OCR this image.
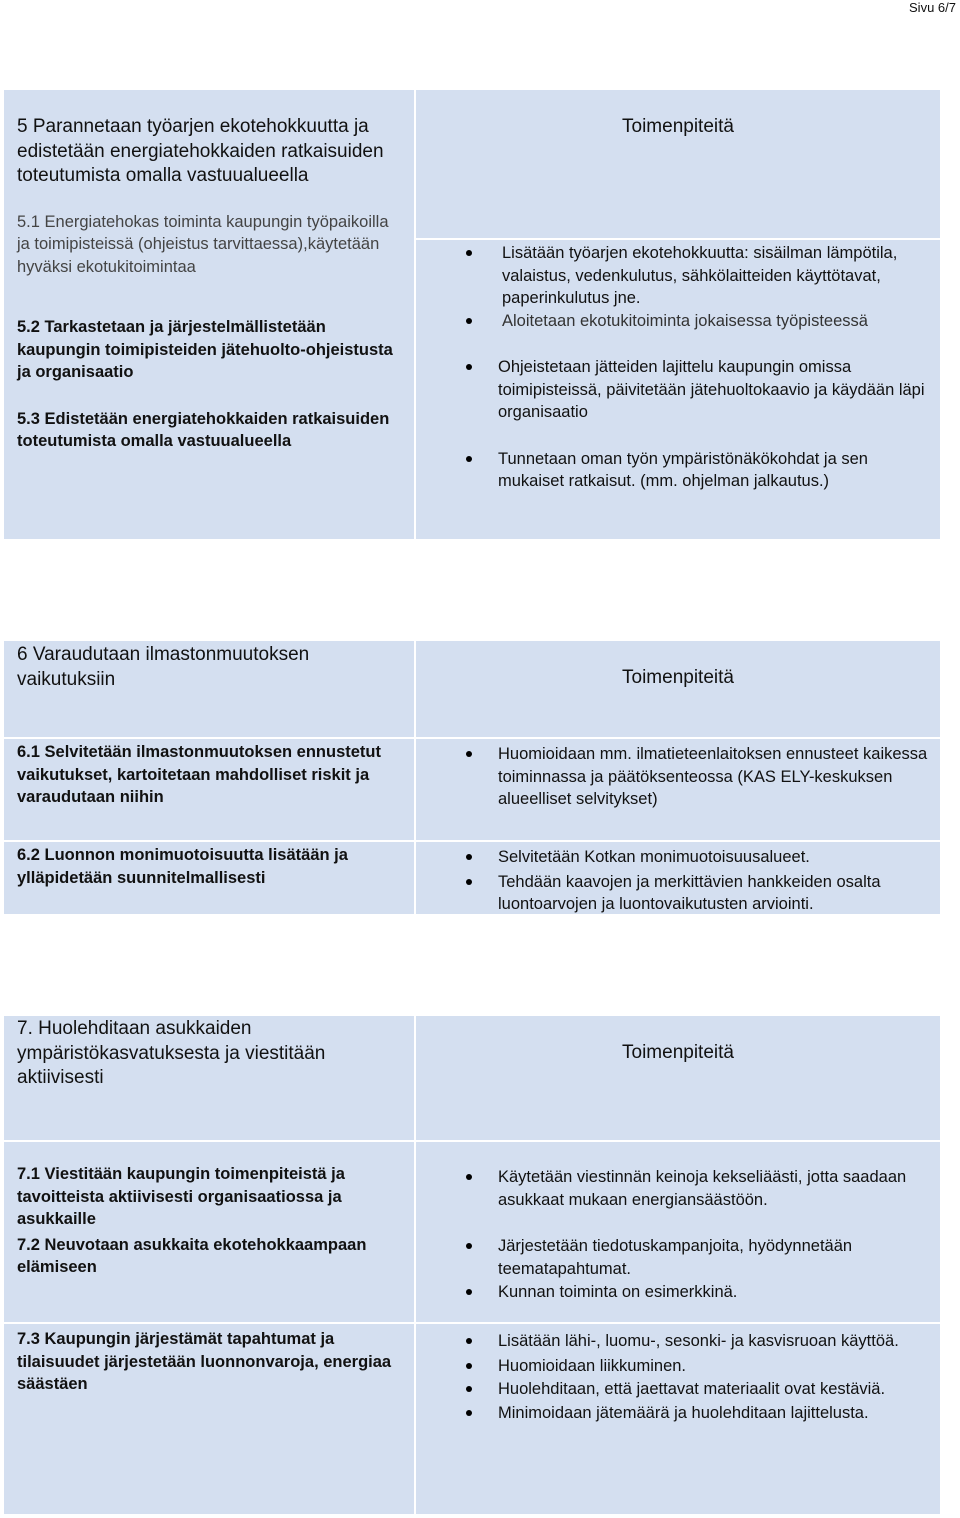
Sivu 6/7
5 Parannetaan työarjen ekotehokkuutta ja edistetään energiatehokkaiden ratkaisuiden toteutumista omalla vastuualueella
5.1 Energiatehokas toiminta kaupungin työpaikoilla ja toimipisteissä (ohjeistus tarvittaessa),käytetään hyväksi ekotukitoimintaa
5.2 Tarkastetaan ja järjestelmällistetään kaupungin toimipisteiden jätehuolto-ohjeistusta ja organisaatio
5.3 Edistetään energiatehokkaiden ratkaisuiden toteutumista omalla vastuualueella
Toimenpiteitä
Lisätään työarjen ekotehokkuutta: sisäilman lämpötila, valaistus, vedenkulutus, sähkölaitteiden käyttötavat, paperinkulutus jne.
Aloitetaan ekotukitoiminta jokaisessa työpisteessä
Ohjeistetaan jätteiden lajittelu kaupungin omissa toimipisteissä, päivitetään jätehuoltokaavio ja käydään läpi organisaatio
Tunnetaan oman työn ympäristönäkökohdat ja sen mukaiset ratkaisut. (mm. ohjelman jalkautus.)
6 Varaudutaan ilmastonmuutoksen vaikutuksiin	Toimenpiteitä
6.1 Selvitetään ilmastonmuutoksen ennustetut vaikutukset, kartoitetaan mahdolliset riskit ja varaudutaan niihin
Huomioidaan mm. ilmatieteenlaitoksen ennusteet kaikessa toiminnassa ja päätöksenteossa (KAS ELY-keskuksen alueelliset selvitykset)
6.2 Luonnon monimuotoisuutta lisätään ja ylläpidetään suunnitelmallisesti
Selvitetään Kotkan monimuotoisuusalueet.
Tehdään kaavojen ja merkittävien hankkeiden osalta luontoarvojen ja luontovaikutusten arviointi.
7. Huolehditaan asukkaiden ympäristökasvatuksesta ja viestitään aktiivisesti
Toimenpiteitä
7.1 Viestitään kaupungin toimenpiteistä ja tavoitteista aktiivisesti organisaatiossa ja asukkaille
7.2 Neuvotaan asukkaita ekotehokkaampaan elämiseen
Käytetään viestinnän keinoja kekseliäästi, jotta saadaan asukkaat mukaan energiansäästöön.
Järjestetään tiedotuskampanjoita, hyödynnetään teematapahtumat.
Kunnan toiminta on esimerkkinä.
7.3 Kaupungin järjestämät tapahtumat ja tilaisuudet järjestetään luonnonvaroja, energiaa säästäen
Lisätään lähi-, luomu-, sesonki- ja kasvisruoan käyttöä.
Huomioidaan liikkuminen.
Huolehditaan, että jaettavat materiaalit ovat kestäviä.
Minimoidaan jätemäärä ja huolehditaan lajittelusta.
